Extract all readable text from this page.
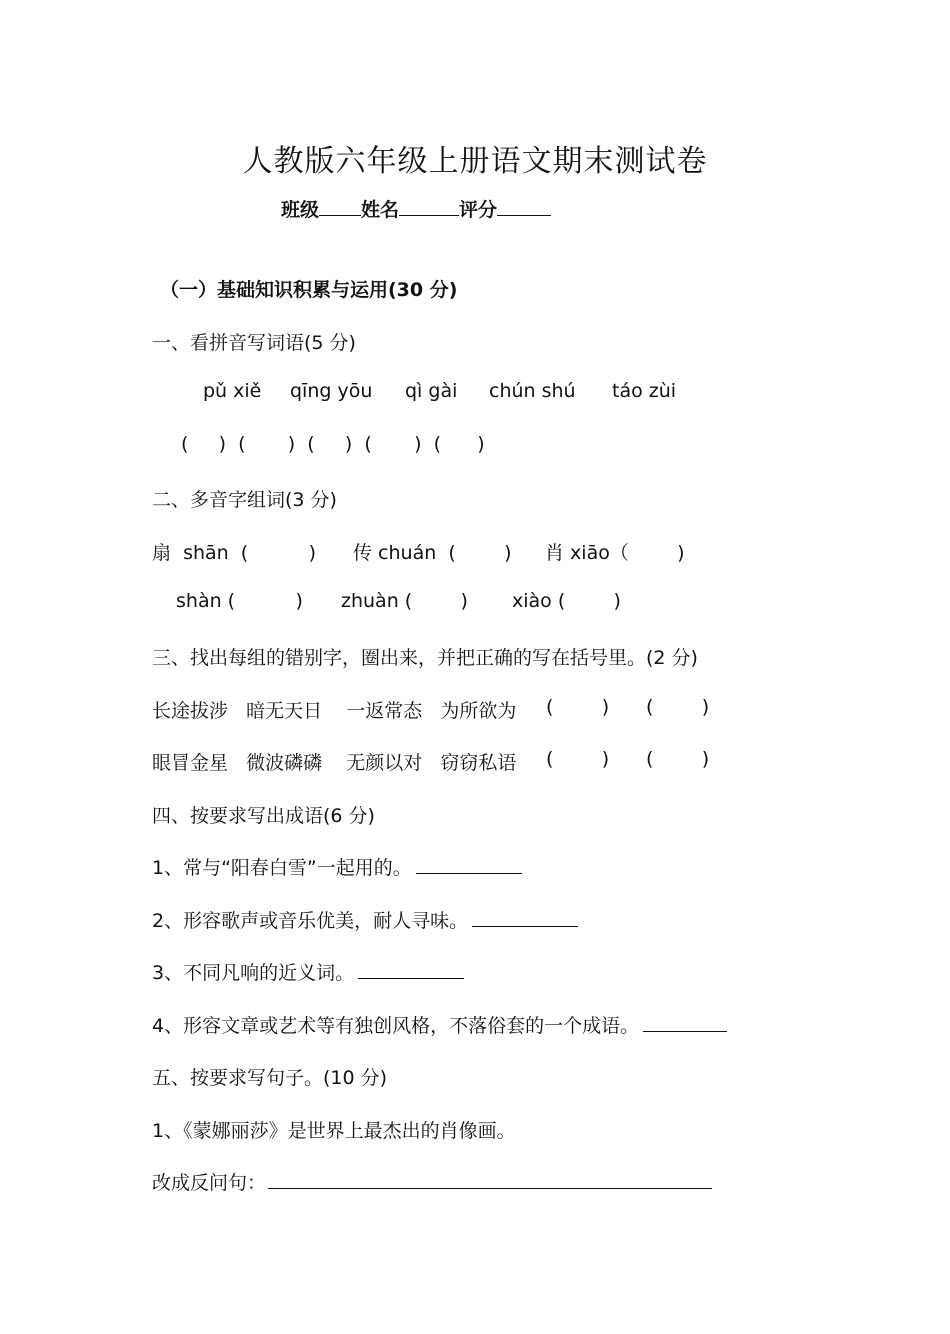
人教版六年级上册语文期末测试卷
班级 姓名	评分
（一）基础知识积累与运用(30 分)
一、看拼音写词语(5 分)
pǔ xiě qīng yōu qì gài chún shú táo zùi
(     )  (       )  (     )  (       )  (      )
二、多音字组词(3 分)
扇  shān  (          ) 传 chuán  (        ) 肖 xiāo（        )
shàn (          ) zhuàn (        ) xiào (        )
三、找出每组的错别字，圈出来，并把正确的写在括号里。(2 分)
长途拔涉   暗无天日    一返常态   为所欲为 (        ) (        )
眼冒金星   微波磷磷    无颜以对   窃窃私语 (        ) (        )
四、按要求写出成语(6 分)
1、常与“阳春白雪”一起用的。
2、形容歌声或音乐优美，耐人寻味。
3、不同凡响的近义词。
4、形容文章或艺术等有独创风格，不落俗套的一个成语。
五、按要求写句子。(10 分)
1、《蒙娜丽莎》是世界上最杰出的肖像画。
改成反问句：
